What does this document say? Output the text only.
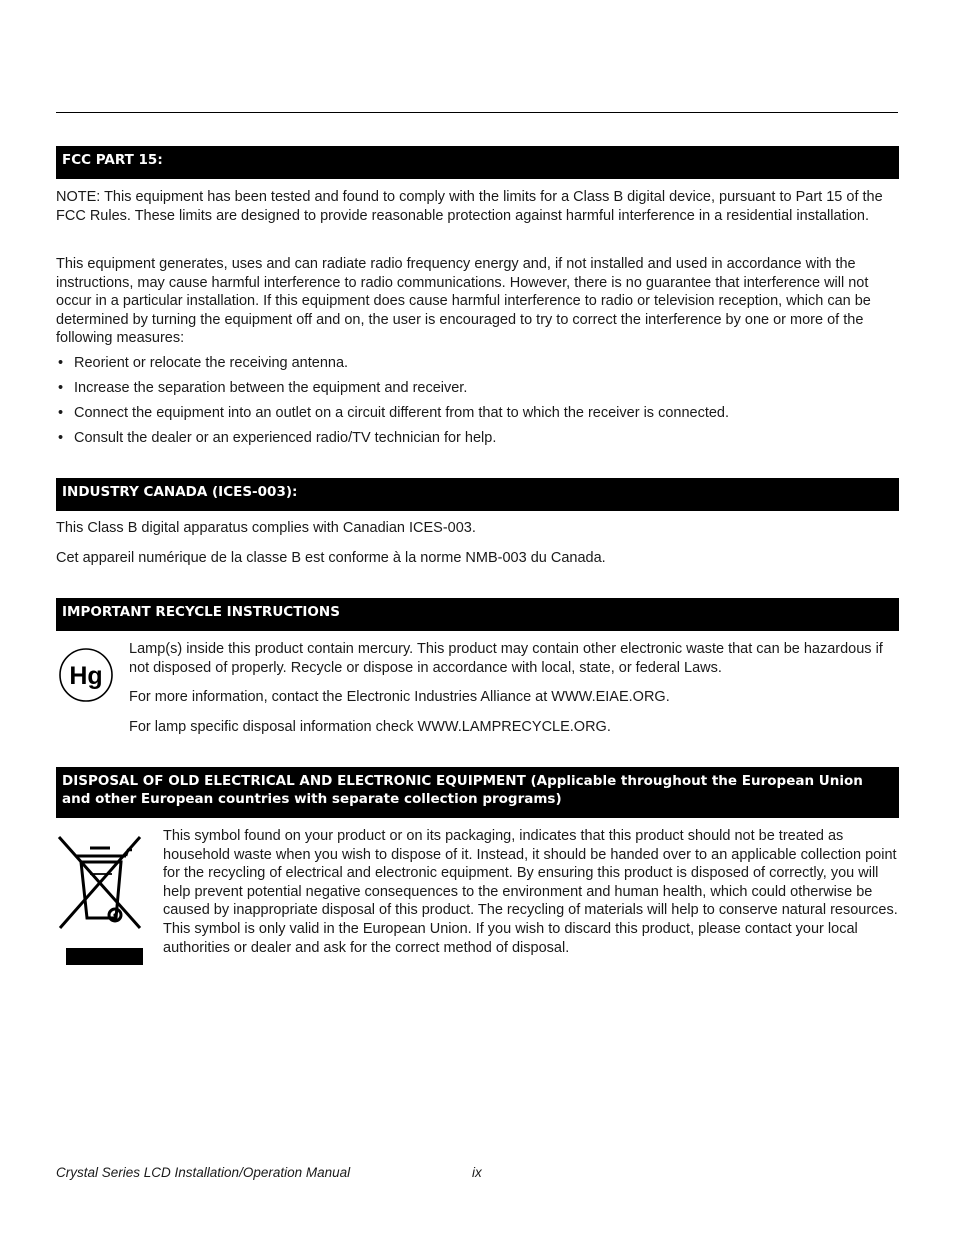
FCC PART 15:

NOTE: This equipment has been tested and found to comply with the limits for a Class B digital device, pursuant to Part 15 of the FCC Rules. These limits are designed to provide reasonable protection against harmful interference in a residential installation.

This equipment generates, uses and can radiate radio frequency energy and, if not installed and used in accordance with the instructions, may cause harmful interference to radio communications. However, there is no guarantee that interference will not occur in a particular installation. If this equipment does cause harmful interference to radio or television reception, which can be determined by turning the equipment off and on, the user is encouraged to try to correct the interference by one or more of the following measures:

• Reorient or relocate the receiving antenna.
• Increase the separation between the equipment and receiver.
• Connect the equipment into an outlet on a circuit different from that to which the receiver is connected.
• Consult the dealer or an experienced radio/TV technician for help.
INDUSTRY CANADA (ICES-003):

This Class B digital apparatus complies with Canadian ICES-003.

Cet appareil numérique de la classe B est conforme à la norme NMB-003 du Canada.

IMPORTANT RECYCLE INSTRUCTIONS
Hg

Lamp(s) inside this product contain mercury. This product may contain other electronic waste that can be hazardous if not disposed of properly. Recycle or dispose in accordance with local, state, or federal Laws.

For more information, contact the Electronic Industries Alliance at WWW.EIAE.ORG.

For lamp specific disposal information check WWW.LAMPRECYCLE.ORG.

DISPOSAL OF OLD ELECTRICAL AND ELECTRONIC EQUIPMENT (Applicable throughout the European Union and other European countries with separate collection programs)

This symbol found on your product or on its packaging, indicates that this product should not be treated as household waste when you wish to dispose of it. Instead, it should be handed over to an applicable collection point for the recycling of electrical and electronic equipment. By ensuring this product is disposed of correctly, you will help prevent potential negative consequences to the environment and human health, which could otherwise be caused by inappropriate disposal of this product. The recycling of materials will help to conserve natural resources. This symbol is only valid in the European Union. If you wish to discard this product, please contact your local authorities or dealer and ask for the correct method of disposal.

Crystal Series LCD Installation/Operation Manual	ix
